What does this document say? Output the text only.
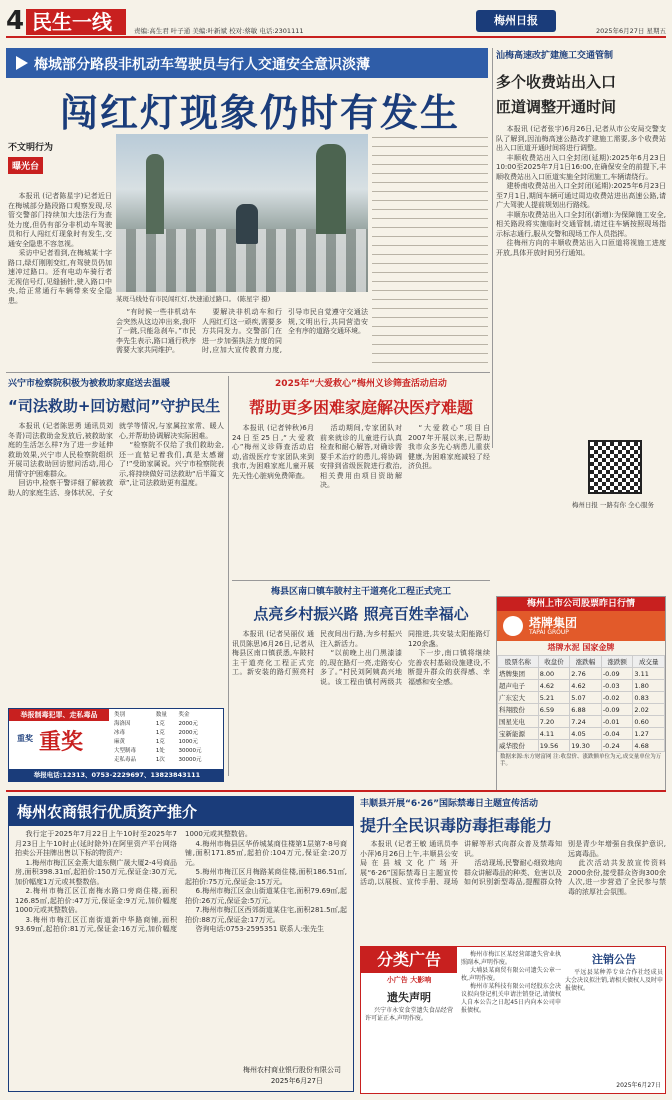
4 民生一线	责编:高生君 叶子通 美编:叶新斌 校对:蔡敏 电话:2301111
梅州日报
2025年6月27日 星期五
梅城部分路段非机动车驾驶员与行人交通安全意识淡薄
闯红灯现象仍时有发生
不文明行为
曝光台

本报讯 (记者陈星宇)记者近日在梅城部分路段路口观察发现,尽管交警部门持续加大违法行为查处力度,但仍有部分非机动车驾驶员和行人闯红灯现象时有发生,交通安全隐患不容忽视。

采访中记者看到,在梅城某十字路口,绿灯刚刚变红,有驾驶员仍加速冲过路口。还有电动车骑行者无视信号灯,见缝插针,驶入路口中央,给正常通行车辆带来安全隐患。	某斑马线处有市民闯红灯,快速通过路口。 (陈星宇 摄)

“有时候一些非机动车会突然从这边冲出来,我吓了一跳,只能急刹车。”市民李先生表示,路口通行秩序需要大家共同维护。

要解决非机动车和行人闯红灯这一顽疾,需要多方共同发力。交警部门在进一步加强执法力度的同时,应加大宣传教育力度,引导市民自觉遵守交通法规,文明出行,共同营造安全有序的道路交通环境。

汕梅高速改扩建施工交通管制
多个收费站出入口
匝道调整开通时间

本报讯 (记者张宇)6月26日,记者从市公安局交警支队了解到,因汕梅高速公路改扩建施工需要,多个收费站出入口匝道开通时间将进行调整。

丰顺收费站出入口全封闭(延期):2025年6月23日10:00至2025年7月1日16:00,在确保安全的前提下,丰顺收费站出入口匝道实施全封闭施工,车辆请绕行。

建桥南收费站出入口全封闭(延期):2025年6月23日至7月1日,期间车辆可通过周边收费站进出高速公路,请广大驾驶人提前规划出行路线。

丰顺东收费站出入口全封闭(新增):为保障施工安全,相关路段将实施临时交通管制,请过往车辆按照现场指示标志通行,服从交警和现场工作人员指挥。

往梅州方向的丰顺收费站出入口匝道将视施工进度开放,具体开放时间另行通知。

兴宁市检察院积极为被救助家庭送去温暖
“司法救助+回访慰问”守护民生

本报讯 (记者陈思勇 通讯员刘冬青)司法救助金发放后,被救助家庭的生活怎么样?为了进一步延伸救助效果,兴宁市人民检察院组织开展司法救助回访慰问活动,用心用情守护困难群众。

回访中,检察干警详细了解被救助人的家庭生活、身体状况、子女就学等情况,与家属拉家常、暖人心,并帮助协调解决实际困难。

“检察院不仅给了我们救助金,还一直惦记着我们,真是太感谢了!”受助家属说。兴宁市检察院表示,将持续做好司法救助“后半篇文章”,让司法救助更有温度。

2025年“大爱救心”梅州义诊筛查活动启动
帮助更多困难家庭解决医疗难题

本报讯 (记者钟秋)6月24日至25日,“大爱救心”梅州义诊筛查活动启动,省级医疗专家团队来到我市,为困难家庭儿童开展先天性心脏病免费筛查。

活动期间,专家团队对前来就诊的儿童进行认真检查和耐心解答,对确诊需要手术治疗的患儿,将协调安排到省级医院进行救治,相关费用由项目资助解决。

“大爱救心”项目自2007年开展以来,已帮助我市众多先心病患儿重获健康,为困难家庭减轻了经济负担。

梅州日报 一路有你 全心服务
梅州上市公司股票昨日行情
塔牌集团
TAPAI GROUP
塔牌水泥 国家金牌
股票名称	收盘价	涨跌幅	涨跌额	成交量
塔牌集团	8.00	2.76	-0.09	3.11
超声电子	4.62	4.62	-0.03	1.80
广东宏大	5.21	5.07	-0.02	0.83
科翔股份	6.59	6.88	-0.09	2.02
国星光电	7.20	7.24	-0.01	0.60
宝新能源	4.11	4.05	-0.04	1.27
威华股份	19.56	19.30	-0.24	4.68
数据来源:东方财富网 注:收盘价、涨跌额单位为元,成交量单位为万手。
梅县区南口镇车陂村主干道亮化工程正式完工
点亮乡村振兴路 照亮百姓幸福心

本报讯 (记者吴丽仪 通讯员陈思)6月26日,记者从梅县区南口镇获悉,车陂村主干道亮化工程正式完工。新安装的路灯照亮村民夜间出行路,为乡村振兴注入新活力。

“以前晚上出门黑漆漆的,现在路灯一亮,走路安心多了。”村民刘阿姨高兴地说。该工程由镇村两级共同推进,共安装太阳能路灯120余盏。

下一步,南口镇将继续完善农村基础设施建设,不断提升群众的获得感、幸福感和安全感。

举报制毒犯罪、走私毒品
重奖
重奖
类别	数量	奖金
海洛因	1克	2000元
冰毒	1克	2000元
麻黄	1克	1000元
大型制毒	1处	30000元
走私毒品	1次	30000元
举报电话:12313、0753-2229697、13823843111
梅州农商银行优质资产推介

我行定于2025年7月22日上午10时至2025年7月23日上午10时止(延时除外)在阿里资产平台网络拍卖公开挂牌出售以下标的物资产:

1.梅州市梅江区金燕大道东侧广晟大厦2-4号商品房,面积398.31㎡,起拍价:150万元,保证金:30万元,加价幅度1万元或其整数倍。

2.梅州市梅江区江南梅水路口旁商住楼,面积126.85㎡,起拍价:47万元,保证金:9万元,加价幅度1000元或其整数倍。

3.梅州市梅江区江南街道新中华路商铺,面积93.69㎡,起拍价:81万元,保证金:16万元,加价幅度1000元或其整数倍。

4.梅州市梅县区华侨城某商住楼第1层第7-8号商铺,面积171.85㎡,起拍价:104万元,保证金:20万元。

5.梅州市梅江区月梅路某商住楼,面积186.51㎡,起拍价:75万元,保证金:15万元。

6.梅州市梅江区金山街道某住宅,面积79.69㎡,起拍价:26万元,保证金:5万元。

7.梅州市梅江区西郊街道某住宅,面积281.5㎡,起拍价:88万元,保证金:17万元。

咨询电话:0753-2595351 联系人:张先生

梅州农村商业银行股份有限公司
2025年6月27日
丰顺县开展“6·26”国际禁毒日主题宣传活动
提升全民识毒防毒拒毒能力

本报讯 (记者王敏 通讯员李小萍)6月26日上午,丰顺县公安局在县城文化广场开展“6·26”国际禁毒日主题宣传活动,以展板、宣传手册、现场讲解等形式向群众普及禁毒知识。

活动现场,民警耐心细致地向群众讲解毒品的种类、危害以及如何识别新型毒品,提醒群众特别是青少年增强自我保护意识,远离毒品。

此次活动共发放宣传资料2000余份,接受群众咨询300余人次,进一步营造了全民参与禁毒的浓厚社会氛围。

分类广告
小广告 大影响
遗失声明

兴宁市永安食堂遗失食品经营许可证正本,声明作废。

梅州市梅江区某经营部遗失营业执照副本,声明作废。

大埔县某商贸有限公司遗失公章一枚,声明作废。

梅州市某科技有限公司经股东会决议拟向登记机关申请注销登记,请债权人自本公告之日起45日内向本公司申报债权。

注销公告

平远县某种养专业合作社经成员大会决议拟注销,请相关债权人及时申报债权。

2025年6月27日
